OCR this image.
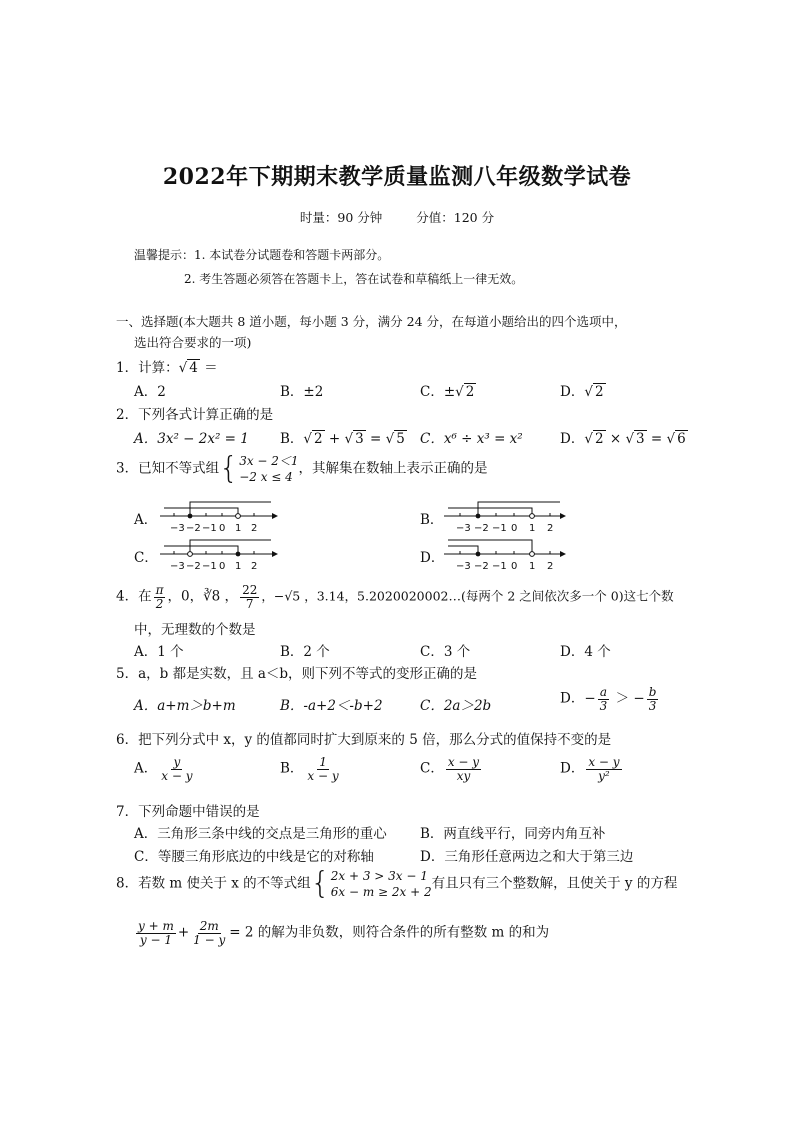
2022年下期期末教学质量监测八年级数学试卷
时量：90 分钟	分值：120 分
温馨提示：1. 本试卷分试题卷和答题卡两部分。
2. 考生答题必须答在答题卡上，答在试卷和草稿纸上一律无效。
一、选择题(本大题共 8 道小题，每小题 3 分，满分 24 分，在每道小题给出的四个选项中，
选出符合要求的一项)
1．计算：√ 4 ＝
A．2	B．±2	C．±√ 2	D．√ 2
2．下列各式计算正确的是
A．3x² − 2x² = 1 B．√ 2 + √ 3 = √ 5 C．x⁶ ÷ x³ = x²	D．√ 2 × √ 3 = √ 6
3．已知不等式组 { 3x − 2＜1
−2 x ≤ 4
，其解集在数轴上表示正确的是
A．
−3 −2 −1 0 1 2
B．
−3 −2 −1 0 1 2
C．
−3 −2 −1 0 1 2
D．
−3 −2 −1 0 1 2
4．在 $\frac{\pi}{2}$ ，0，∛8 ， $\frac{22}{7}$ ，−√5 ，3.14，5.2020020002…(每两个 2 之间依次多一个 0)这七个数
中，无理数的个数是
A．1 个	B．2 个	C．3 个	D．4 个
5．a，b 都是实数，且 a＜b，则下列不等式的变形正确的是
A．a+m＞b+m	B．-a+2＜-b+2	C．2a＞2b	D．− $\frac{a}{3}$ ＞ − $\frac{b}{3}$
6．把下列分式中 x，y 的值都同时扩大到原来的 5 倍，那么分式的值保持不变的是
A． $\frac{y}{x - y}$	B． $\frac{1}{x - y}$	C． $\frac{x - y}{xy}$	D． $\frac{x - y}{\text{y²}}$
7．下列命题中错误的是
A．三角形三条中线的交点是三角形的重心 B．两直线平行，同旁内角互补
C．等腰三角形底边的中线是它的对称轴	D．三角形任意两边之和大于第三边
8．若数 m 使关于 x 的不等式组 { 2x + 3 > 3x − 1
6x − m ≥ 2x + 2
有且只有三个整数解，且使关于 y 的方程
$\frac{y + m}{y - 1} + \frac{2m}{1 - y} = 2$ 的解为非负数，则符合条件的所有整数 m 的和为
